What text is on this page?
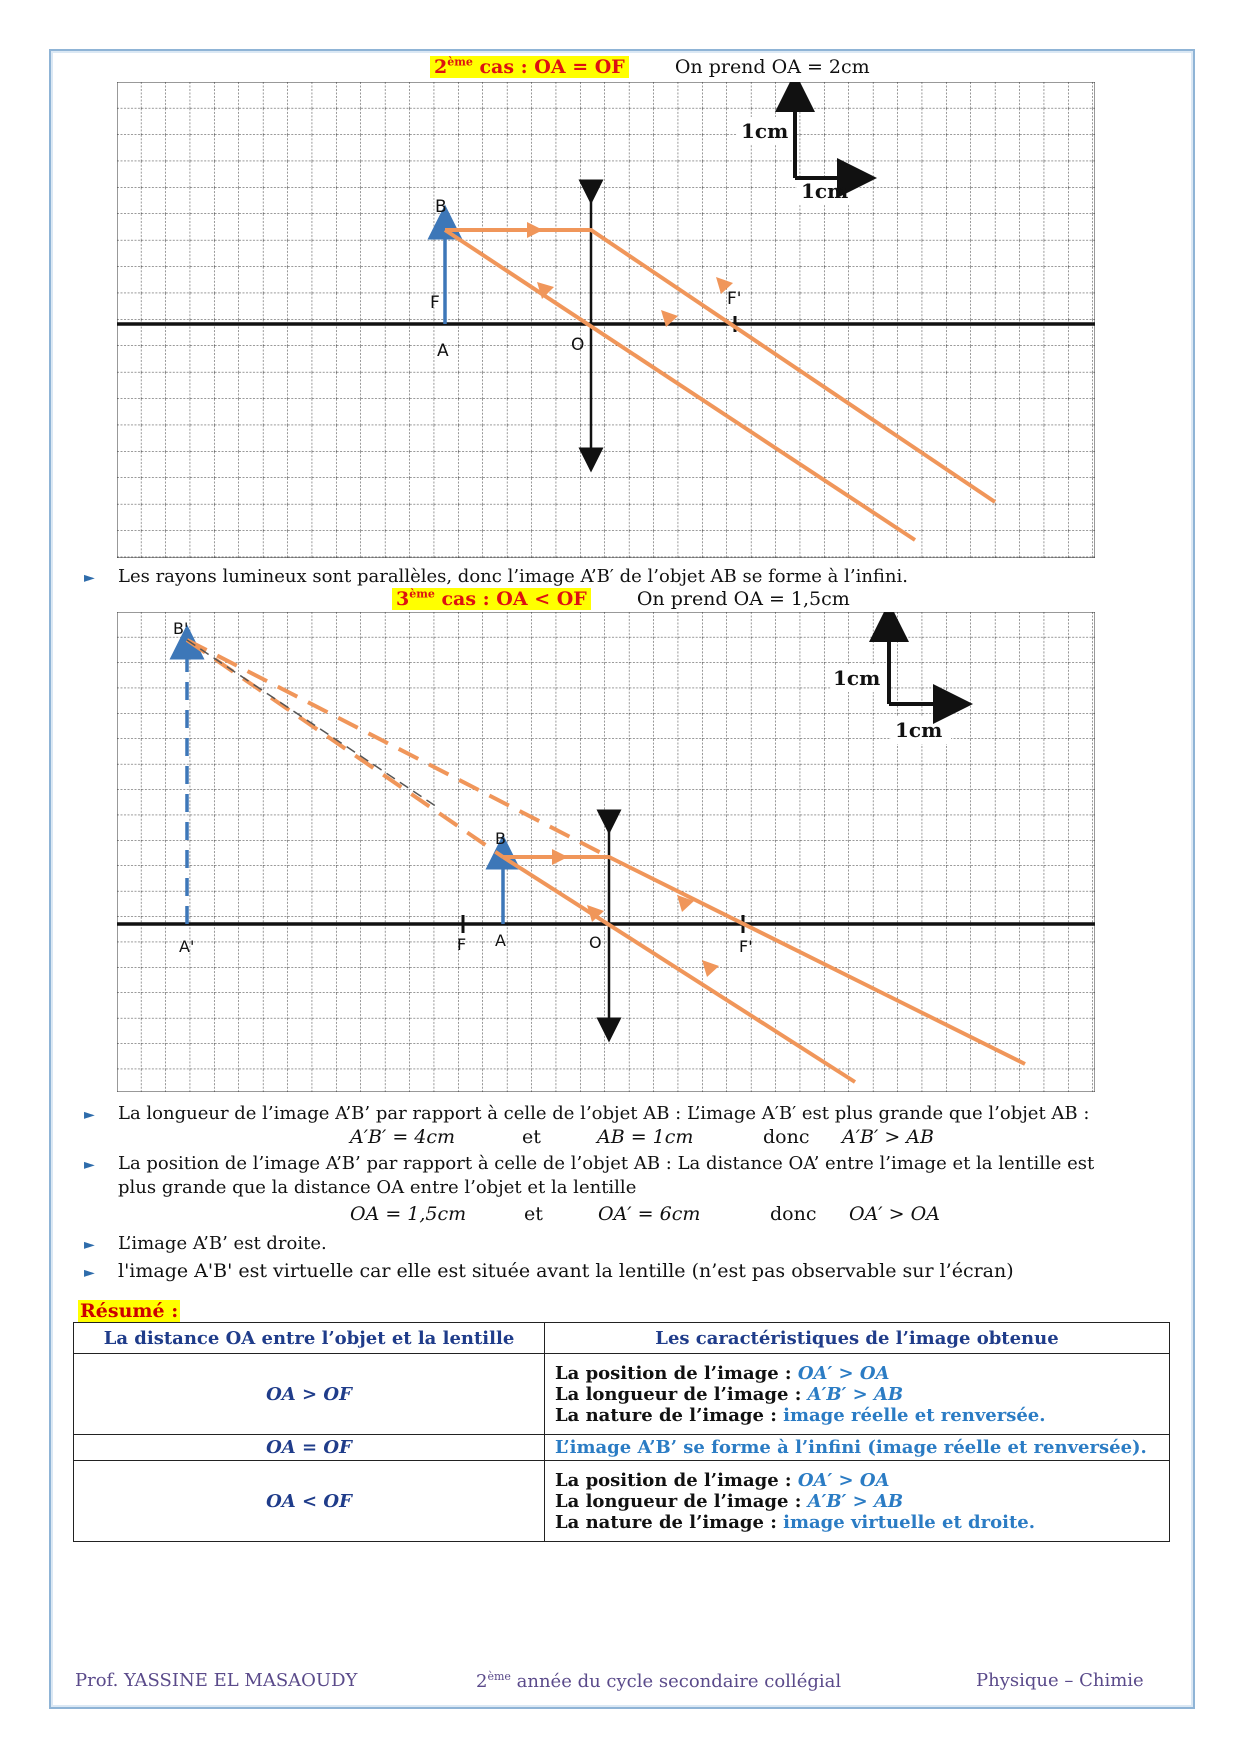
2ème cas : OA = OF	On prend OA = 2cm
B
F
A	O
F'
1cm
1cm
► Les rayons lumineux sont parallèles, donc l’image A’B′ de l’objet AB se forme à l’infini.
3ème cas : OA < OF	On prend OA = 1,5cm
B'
A'
B
A
F	O	F'
1cm
1cm
► La longueur de l’image A’B’ par rapport à celle de l’objet AB : L’image A′B′ est plus grande que l’objet AB :
A′B′ = 4cm	et	AB = 1cm	donc A′B′ > AB
► La position de l’image A’B’ par rapport à celle de l’objet AB : La distance OA’ entre l’image et la lentille est
plus grande que la distance OA entre l’objet et la lentille
OA = 1,5cm	et	OA′ = 6cm	donc OA′ > OA
► L’image A’B’ est droite.
► l'image A'B' est virtuelle car elle est située avant la lentille (n’est pas observable sur l’écran)
Résumé :
La distance OA entre l’objet et la lentille	Les caractéristiques de l’image obtenue
OA > OF	La position de l’image : OA′ > OA
La longueur de l’image : A′B′ > AB
La nature de l’image : image réelle et renversée.

OA = OF	L’image A’B’ se forme à l’infini (image réelle et renversée).
OA < OF	La position de l’image : OA′ > OA
La longueur de l’image : A′B′ > AB
La nature de l’image : image virtuelle et droite.
Prof. YASSINE EL MASAOUDY	2ème année du cycle secondaire collégial	Physique – Chimie
